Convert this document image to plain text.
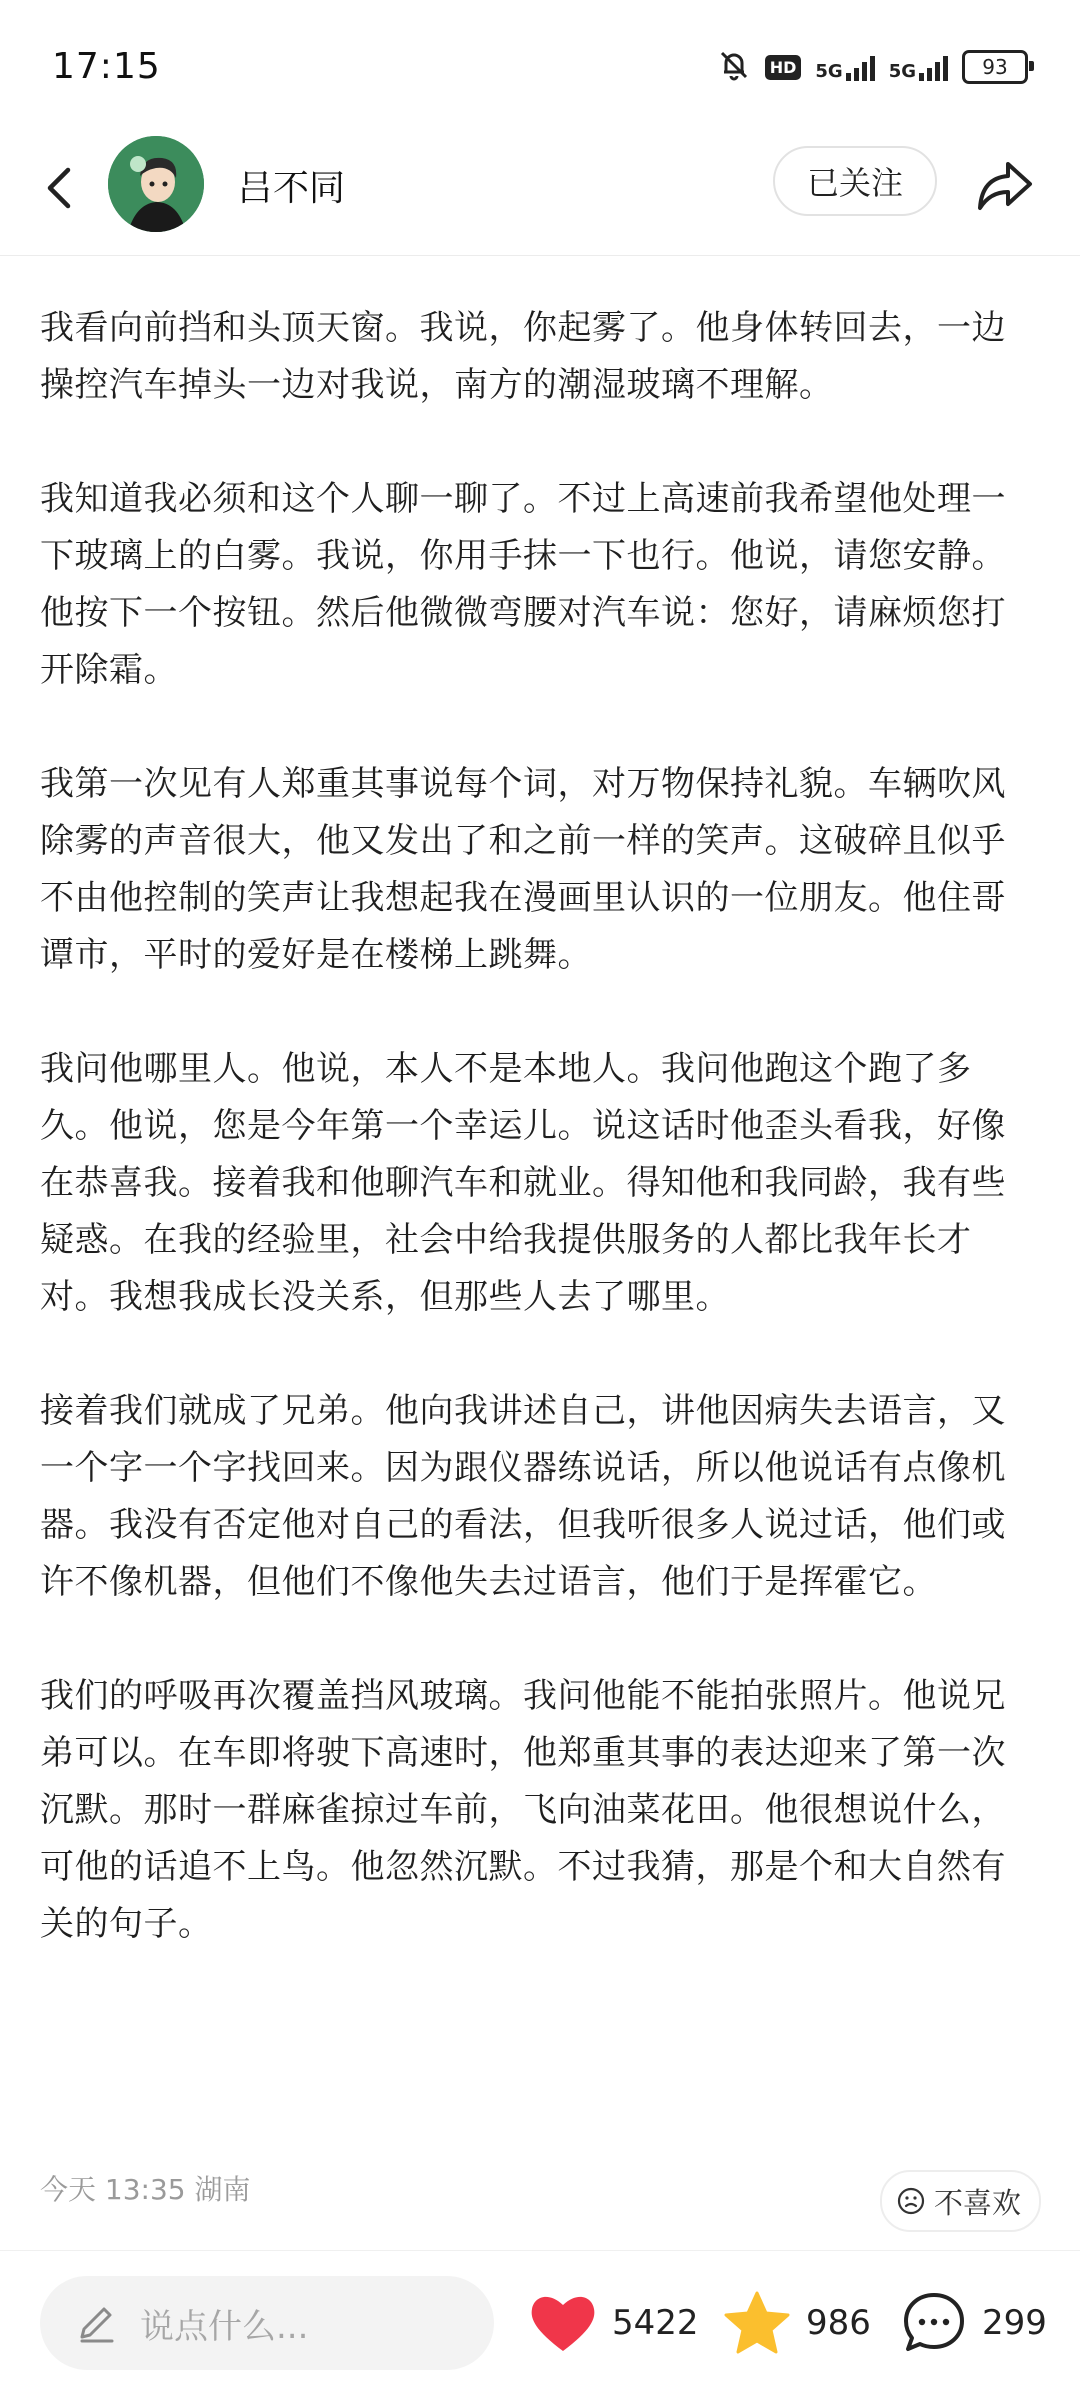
17:15	HD 5G	5G	93
吕不同	已关注

我看向前挡和头顶天窗。我说，你起雾了。他身体转回去，一边操控汽车掉头一边对我说，南方的潮湿玻璃不理解。

我知道我必须和这个人聊一聊了。不过上高速前我希望他处理一下玻璃上的白雾。我说，你用手抹一下也行。他说，请您安静。他按下一个按钮。然后他微微弯腰对汽车说：您好，请麻烦您打开除霜。

我第一次见有人郑重其事说每个词，对万物保持礼貌。车辆吹风除雾的声音很大，他又发出了和之前一样的笑声。这破碎且似乎不由他控制的笑声让我想起我在漫画里认识的一位朋友。他住哥谭市，平时的爱好是在楼梯上跳舞。

我问他哪里人。他说，本人不是本地人。我问他跑这个跑了多久。他说，您是今年第一个幸运儿。说这话时他歪头看我，好像在恭喜我。接着我和他聊汽车和就业。得知他和我同龄，我有些疑惑。在我的经验里，社会中给我提供服务的人都比我年长才对。我想我成长没关系，但那些人去了哪里。

接着我们就成了兄弟。他向我讲述自己，讲他因病失去语言，又一个字一个字找回来。因为跟仪器练说话，所以他说话有点像机器。我没有否定他对自己的看法，但我听很多人说过话，他们或许不像机器，但他们不像他失去过语言，他们于是挥霍它。

我们的呼吸再次覆盖挡风玻璃。我问他能不能拍张照片。他说兄弟可以。在车即将驶下高速时，他郑重其事的表达迎来了第一次沉默。那时一群麻雀掠过车前，飞向油菜花田。他很想说什么，可他的话追不上鸟。他忽然沉默。不过我猜，那是个和大自然有关的句子。

今天 13:35 湖南	不喜欢
说点什么...	5422	986	299
